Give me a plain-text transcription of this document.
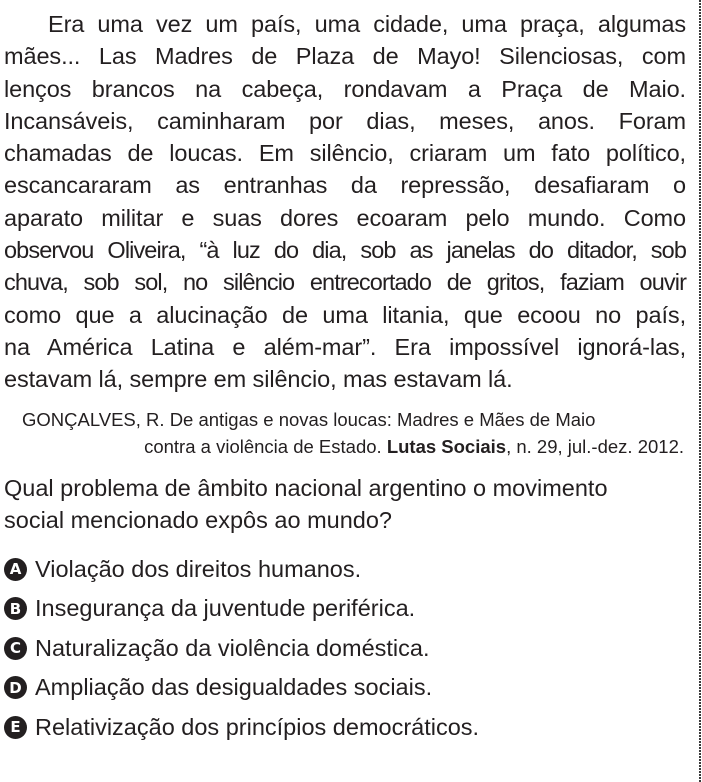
Era uma vez um país, uma cidade, uma praça, algumas
mães... Las Madres de Plaza de Mayo! Silenciosas, com
lenços brancos na cabeça, rondavam a Praça de Maio.
Incansáveis, caminharam por dias, meses, anos. Foram
chamadas de loucas. Em silêncio, criaram um fato político,
escancararam as entranhas da repressão, desafiaram o
aparato militar e suas dores ecoaram pelo mundo. Como
observou Oliveira, “à luz do dia, sob as janelas do ditador, sob
chuva, sob sol, no silêncio entrecortado de gritos, faziam ouvir
como que a alucinação de uma litania, que ecoou no país,
na América Latina e além-mar”. Era impossível ignorá-las,
estavam lá, sempre em silêncio, mas estavam lá.

GONÇALVES, R. De antigas e novas loucas: Madres e Mães de Maio
contra a violência de Estado. Lutas Sociais, n. 29, jul.-dez. 2012.
Qual problema de âmbito nacional argentino o movimento
social mencionado expôs ao mundo?
A Violação dos direitos humanos.
B Insegurança da juventude periférica.
C Naturalização da violência doméstica.
D Ampliação das desigualdades sociais.
E Relativização dos princípios democráticos.
